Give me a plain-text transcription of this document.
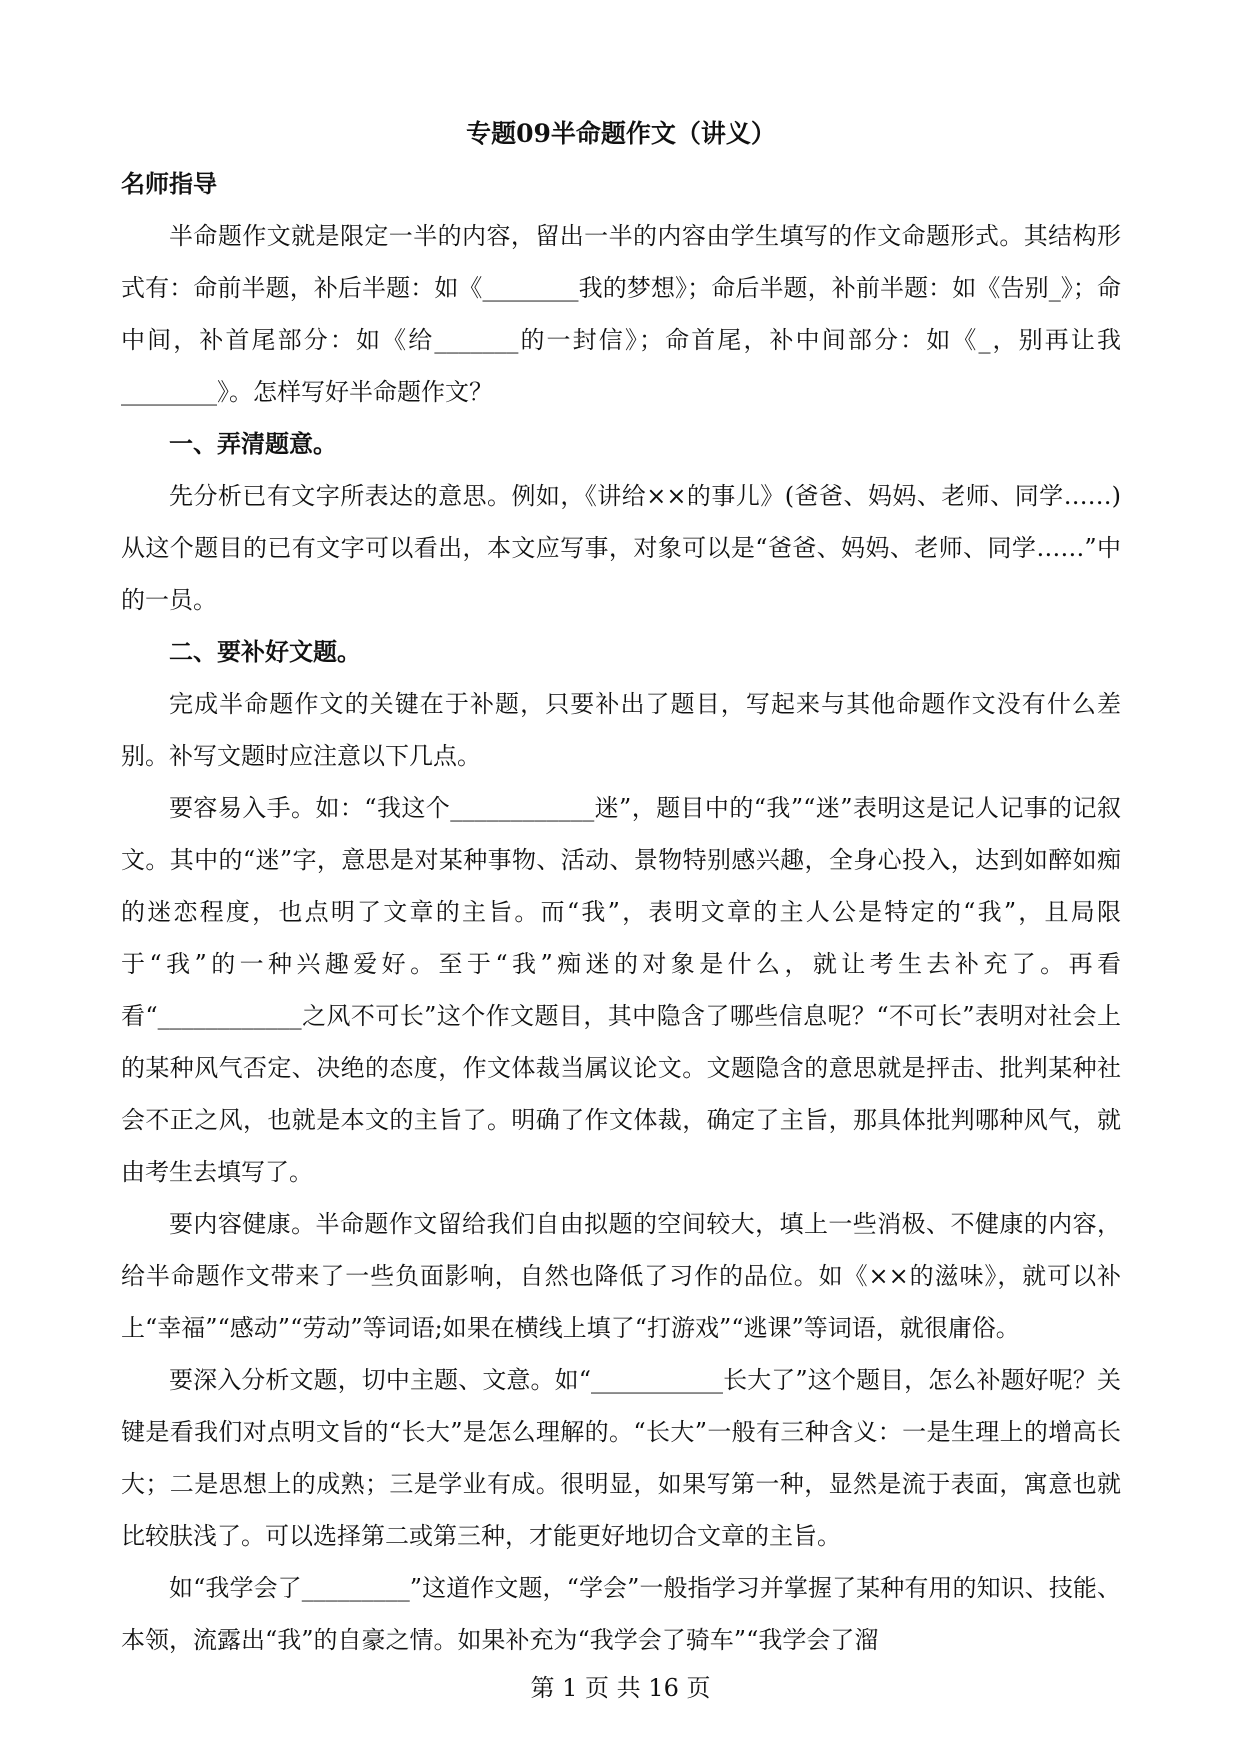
专题09半命题作文（讲义）
名师指导

半命题作文就是限定一半的内容，留出一半的内容由学生填写的作文命题形式。其结构形式有：命前半题，补后半题：如《________我的梦想》；命后半题，补前半题：如《告别_》；命中间，补首尾部分：如《给_______的一封信》；命首尾，补中间部分：如《_，别再让我________》。怎样写好半命题作文？

一、弄清题意。

先分析已有文字所表达的意思。例如，《讲给××的事儿》(爸爸、妈妈、老师、同学……)从这个题目的已有文字可以看出，本文应写事，对象可以是“爸爸、妈妈、老师、同学……”中的一员。

二、要补好文题。

完成半命题作文的关键在于补题，只要补出了题目，写起来与其他命题作文没有什么差别。补写文题时应注意以下几点。

要容易入手。如：“我这个____________迷”，题目中的“我”“迷”表明这是记人记事的记叙文。其中的“迷”字，意思是对某种事物、活动、景物特别感兴趣，全身心投入，达到如醉如痴的迷恋程度，也点明了文章的主旨。而“我”，表明文章的主人公是特定的“我”，且局限于“我”的一种兴趣爱好。至于“我”痴迷的对象是什么，就让考生去补充了。再看看“____________之风不可长”这个作文题目，其中隐含了哪些信息呢？“不可长”表明对社会上的某种风气否定、决绝的态度，作文体裁当属议论文。文题隐含的意思就是抨击、批判某种社会不正之风，也就是本文的主旨了。明确了作文体裁，确定了主旨，那具体批判哪种风气，就由考生去填写了。

要内容健康。半命题作文留给我们自由拟题的空间较大，填上一些消极、不健康的内容，给半命题作文带来了一些负面影响，自然也降低了习作的品位。如《××的滋味》，就可以补上“幸福”“感动”“劳动”等词语;如果在横线上填了“打游戏”“逃课”等词语，就很庸俗。

要深入分析文题，切中主题、文意。如“___________长大了”这个题目，怎么补题好呢？关键是看我们对点明文旨的“长大”是怎么理解的。“长大”一般有三种含义：一是生理上的增高长大；二是思想上的成熟；三是学业有成。很明显，如果写第一种，显然是流于表面，寓意也就比较肤浅了。可以选择第二或第三种，才能更好地切合文章的主旨。

如“我学会了_________”这道作文题，“学会”一般指学习并掌握了某种有用的知识、技能、 本领，流露出“我”的自豪之情。如果补充为“我学会了骑车”“我学会了溜

第 1 页 共 16 页
